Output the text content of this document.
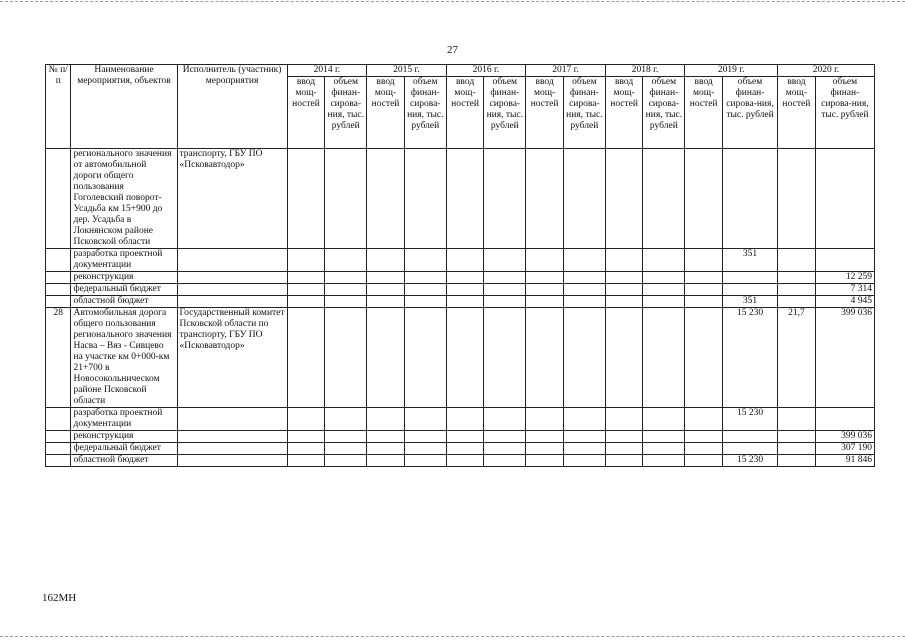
27
№ п/п	Наименование мероприятия, объектов	Исполнитель (участник) мероприятия	2014 г.		2015 г.		2016 г.		2017 г.		2018 г.		2019 г.		2020 г.	
			ввод мощ-ностей	объем финан-сирова-ния, тыс. рублей	ввод мощ-ностей	объем финан-сирова-ния, тыс. рублей	ввод мощ-ностей	объем финан-сирова-ния, тыс. рублей	ввод мощ-ностей	объем финан-сирова-ния, тыс. рублей	ввод мощ-ностей	объем финан-сирова-ния, тыс. рублей	ввод мощ-ностей	объем финан-сирова-ния, тыс. рублей	ввод мощ-ностей	объем финан-сирова-ния, тыс. рублей
	регионального значения от автомобильной дороги общего пользования Гоголевский поворот-Усадьба км 15+900 до дер. Усадьба в Локнянском районе Псковской области	транспорту, ГБУ ПО «Псковавтодор»														
	разработка проектной документации													351		
	реконструкция															12 259
	федеральный бюджет															7 314
	областной бюджет													351		4 945
28	Автомобильная дорога общего пользования регионального значения Насва – Вяз - Сивцево на участке км 0+000-км 21+700 в Новосокольническом районе Псковской области	Государственный комитет Псковской области по транспорту, ГБУ ПО «Псковавтодор»												15 230	21,7	399 036
	разработка проектной документации													15 230		
	реконструкция															399 036
	федеральный бюджет															307 190
	областной бюджет													15 230		91 846
162МН
